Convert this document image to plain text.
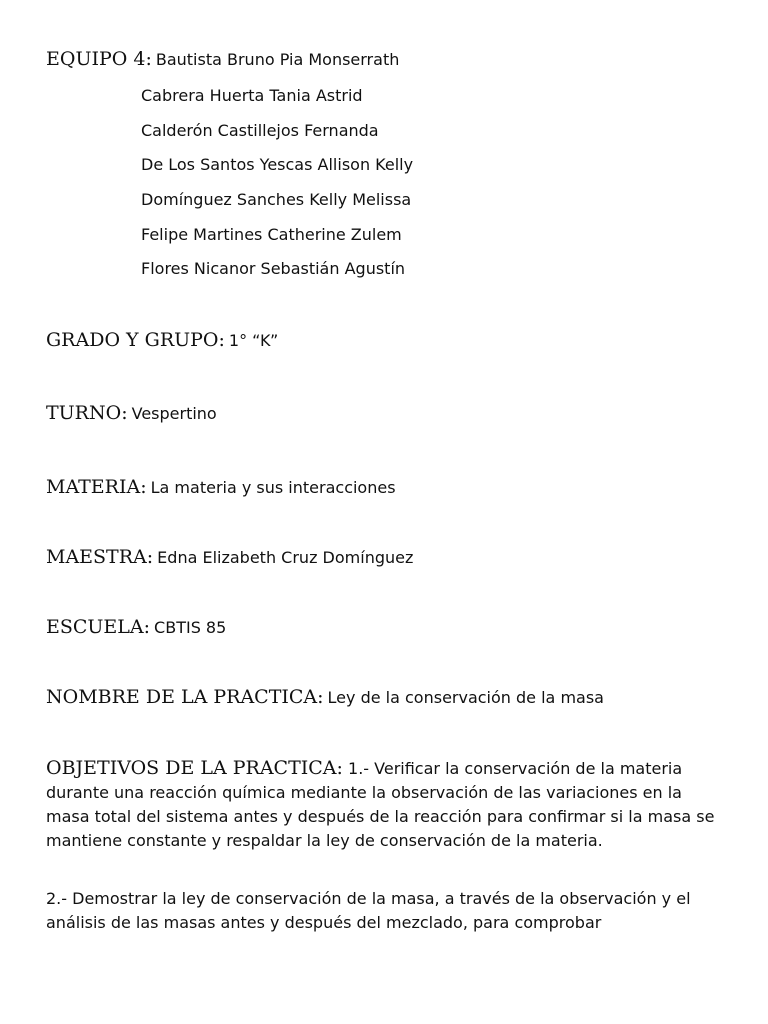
EQUIPO 4: Bautista Bruno Pia Monserrath
Cabrera Huerta Tania Astrid
Calderón Castillejos Fernanda
De Los Santos Yescas Allison Kelly
Domínguez Sanches Kelly Melissa
Felipe Martines Catherine Zulem
Flores Nicanor Sebastián Agustín
GRADO Y GRUPO: 1° “K”
TURNO: Vespertino
MATERIA: La materia y sus interacciones
MAESTRA: Edna Elizabeth Cruz Domínguez
ESCUELA: CBTIS 85
NOMBRE DE LA PRACTICA: Ley de la conservación de la masa

OBJETIVOS DE LA PRACTICA: 1.- Verificar la conservación de la materia durante una reacción química mediante la observación de las variaciones en la masa total del sistema antes y después de la reacción para confirmar si la masa se mantiene constante y respaldar la ley de conservación de la materia.

2.- Demostrar la ley de conservación de la masa, a través de la observación y el análisis de las masas antes y después del mezclado, para comprobar
